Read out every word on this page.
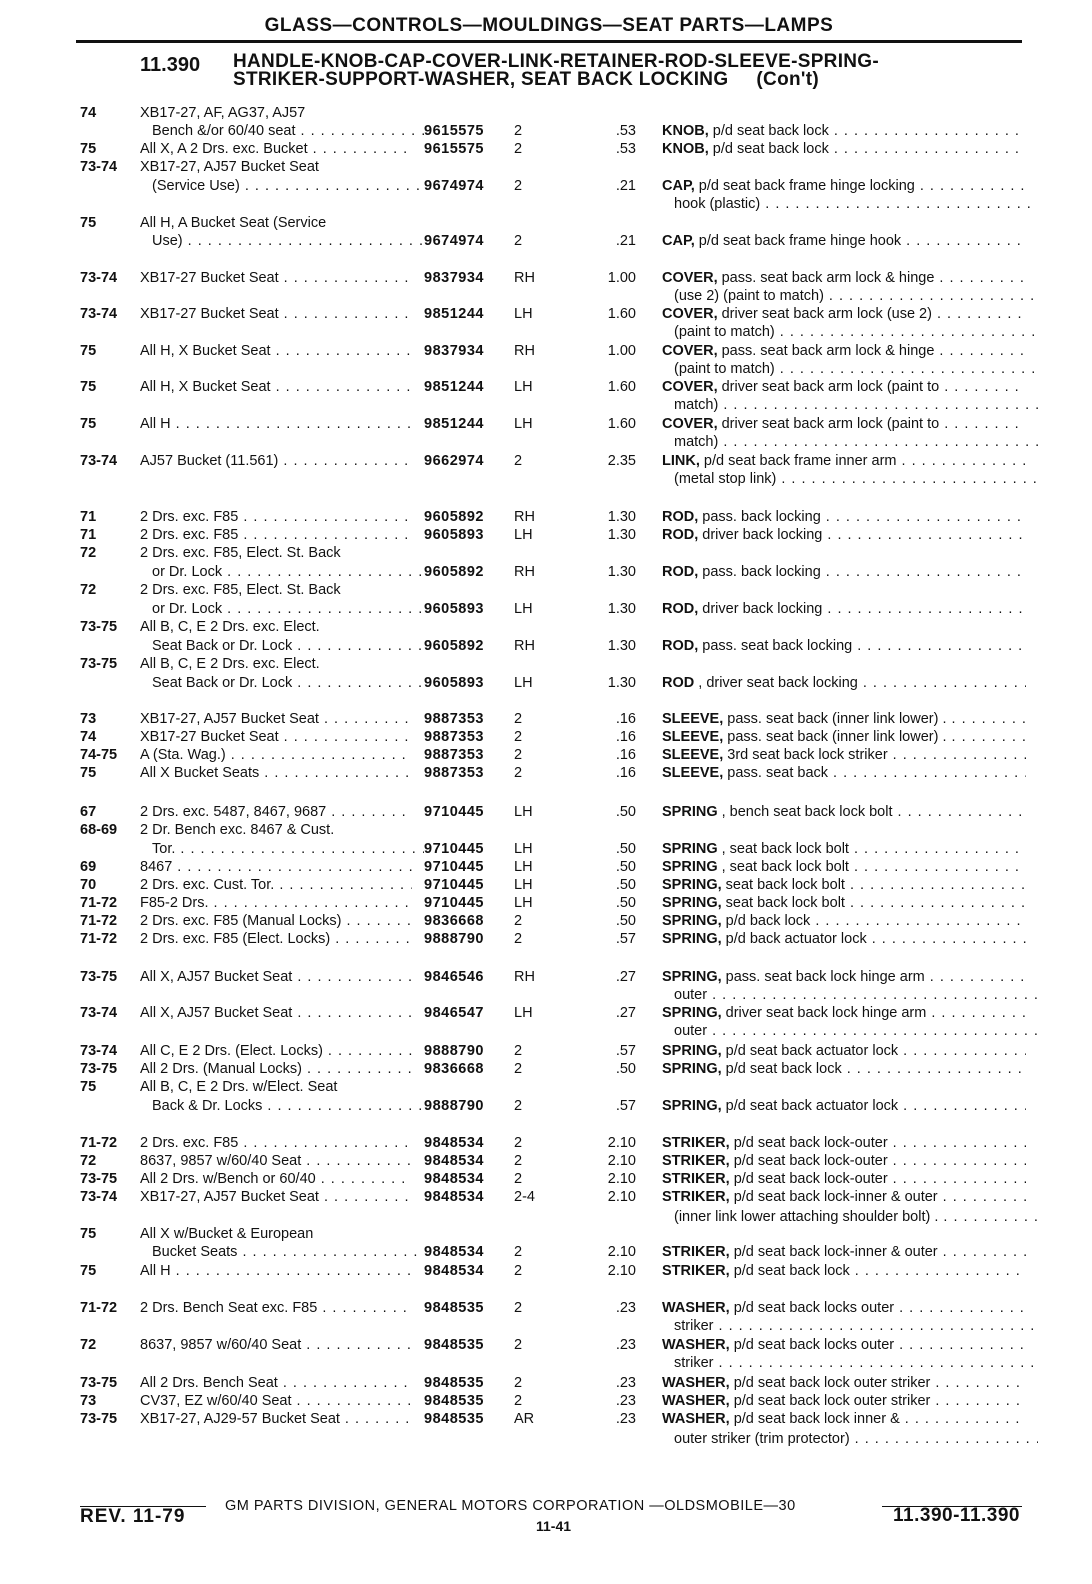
GLASS—CONTROLS—MOULDINGS—SEAT PARTS—LAMPS
11.390 HANDLE-KNOB-CAP-COVER-LINK-RETAINER-ROD-SLEEVE-SPRING-
STRIKER-SUPPORT-WASHER, SEAT BACK LOCKING (Con't)
74	XB17-27, AF, AG37, AJ57
Bench &/or 60/40 seat . . .	9615575	2	.53 KNOB, p/d seat back lock . . .
75	All X, A 2 Drs. exc. Bucket . . .	9615575	2	.53 KNOB, p/d seat back lock . . .
73-74	XB17-27, AJ57 Bucket Seat
(Service Use) . . .	9674974	2	.21 CAP, p/d seat back frame hinge locking . . .
hook (plastic) . . .
75	All H, A Bucket Seat (Service
Use) . . .	9674974	2	.21 CAP, p/d seat back frame hinge hook . . .
73-74	XB17-27 Bucket Seat . . .	9837934	RH	1.00 COVER, pass. seat back arm lock & hinge . . .
(use 2) (paint to match) . . .
73-74	XB17-27 Bucket Seat . . .	9851244	LH	1.60 COVER, driver seat back arm lock (use 2) . . .
(paint to match) . . .
75	All H, X Bucket Seat . . .	9837934	RH	1.00 COVER, pass. seat back arm lock & hinge . . .
(paint to match) . . .
75	All H, X Bucket Seat . . .	9851244	LH	1.60 COVER, driver seat back arm lock (paint to . . .
match) . . .
75	All H . . .	9851244	LH	1.60 COVER, driver seat back arm lock (paint to . . .
match) . . .
73-74	AJ57 Bucket (11.561) . . .	9662974	2	2.35 LINK, p/d seat back frame inner arm . . .
(metal stop link) . . .
71	2 Drs. exc. F85 . . .	9605892	RH	1.30 ROD, pass. back locking . . .
71	2 Drs. exc. F85 . . .	9605893	LH	1.30 ROD, driver back locking . . .
72	2 Drs. exc. F85, Elect. St. Back
or Dr. Lock . . .	9605892	RH	1.30 ROD, pass. back locking . . .
72	2 Drs. exc. F85, Elect. St. Back
or Dr. Lock . . .	9605893	LH	1.30 ROD, driver back locking . . .
73-75	All B, C, E 2 Drs. exc. Elect.
Seat Back or Dr. Lock . . .	9605892	RH	1.30 ROD, pass. seat back locking . . .
73-75	All B, C, E 2 Drs. exc. Elect.
Seat Back or Dr. Lock . . .	9605893	LH	1.30 ROD , driver seat back locking . . .
73	XB17-27, AJ57 Bucket Seat . . .	9887353	2	.16 SLEEVE, pass. seat back (inner link lower) . . . .
74	XB17-27 Bucket Seat . . .	9887353	2	.16 SLEEVE, pass. seat back (inner link lower) . . . .
74-75	A (Sta. Wag.) . . .	9887353	2	.16 SLEEVE, 3rd seat back lock striker . . .
75	All X Bucket Seats . . .	9887353	2	.16 SLEEVE, pass. seat back . . .
67	2 Drs. exc. 5487, 8467, 9687 . . .	9710445	LH	.50 SPRING , bench seat back lock bolt . . .
68-69	2 Dr. Bench exc. 8467 & Cust.
Tor. . . .	9710445	LH	.50 SPRING , seat back lock bolt . . .
69	8467 . . .	9710445	LH	.50 SPRING , seat back lock bolt . . .
70	2 Drs. exc. Cust. Tor. . . .	9710445	LH	.50 SPRING, seat back lock bolt . . .
71-72	F85-2 Drs. . . .	9710445	LH	.50 SPRING, seat back lock bolt . . .
71-72	2 Drs. exc. F85 (Manual Locks) . . .	9836668	2	.50 SPRING, p/d back lock . . .
71-72	2 Drs. exc. F85 (Elect. Locks) . . .	9888790	2	.57 SPRING, p/d back actuator lock . . .
73-75	All X, AJ57 Bucket Seat . . .	9846546	RH	.27 SPRING, pass. seat back lock hinge arm . . .
outer . . .
73-74	All X, AJ57 Bucket Seat . . .	9846547	LH	.27 SPRING, driver seat back lock hinge arm . . .
outer . . .
73-74	All C, E 2 Drs. (Elect. Locks) . . .	9888790	2	.57 SPRING, p/d seat back actuator lock . . .
73-75	All 2 Drs. (Manual Locks) . . .	9836668	2	.50 SPRING, p/d seat back lock . . .
75	All B, C, E 2 Drs. w/Elect. Seat
Back & Dr. Locks . . .	9888790	2	.57 SPRING, p/d seat back actuator lock . . .
71-72	2 Drs. exc. F85 . . .	9848534	2	2.10 STRIKER, p/d seat back lock-outer . . .
72	8637, 9857 w/60/40 Seat . . .	9848534	2	2.10 STRIKER, p/d seat back lock-outer . . .
73-75	All 2 Drs. w/Bench or 60/40 . . .	9848534	2	2.10 STRIKER, p/d seat back lock-outer . . .
73-74	XB17-27, AJ57 Bucket Seat . . .	9848534	2-4	2.10 STRIKER, p/d seat back lock-inner & outer . . .
(inner link lower attaching shoulder bolt) . . . .
75	All X w/Bucket & European
Bucket Seats . . .	9848534	2	2.10 STRIKER, p/d seat back lock-inner & outer . . .
75	All H . . .	9848534	2	2.10 STRIKER, p/d seat back lock . . .
71-72	2 Drs. Bench Seat exc. F85 . . .	9848535	2	.23 WASHER, p/d seat back locks outer . . .
striker . . .
72	8637, 9857 w/60/40 Seat . . .	9848535	2	.23 WASHER, p/d seat back locks outer . . .
striker . . .
73-75	All 2 Drs. Bench Seat . . .	9848535	2	.23 WASHER, p/d seat back lock outer striker . . .
73	CV37, EZ w/60/40 Seat . . .	9848535	2	.23 WASHER, p/d seat back lock outer striker . . .
73-75	XB17-27, AJ29-57 Bucket Seat . . .	9848535	AR	.23 WASHER, p/d seat back lock inner & . . .
outer striker (trim protector) . . .
GM PARTS DIVISION, GENERAL MOTORS CORPORATION —OLDSMOBILE—30
REV. 11-79	11-41	11.390-11.390
